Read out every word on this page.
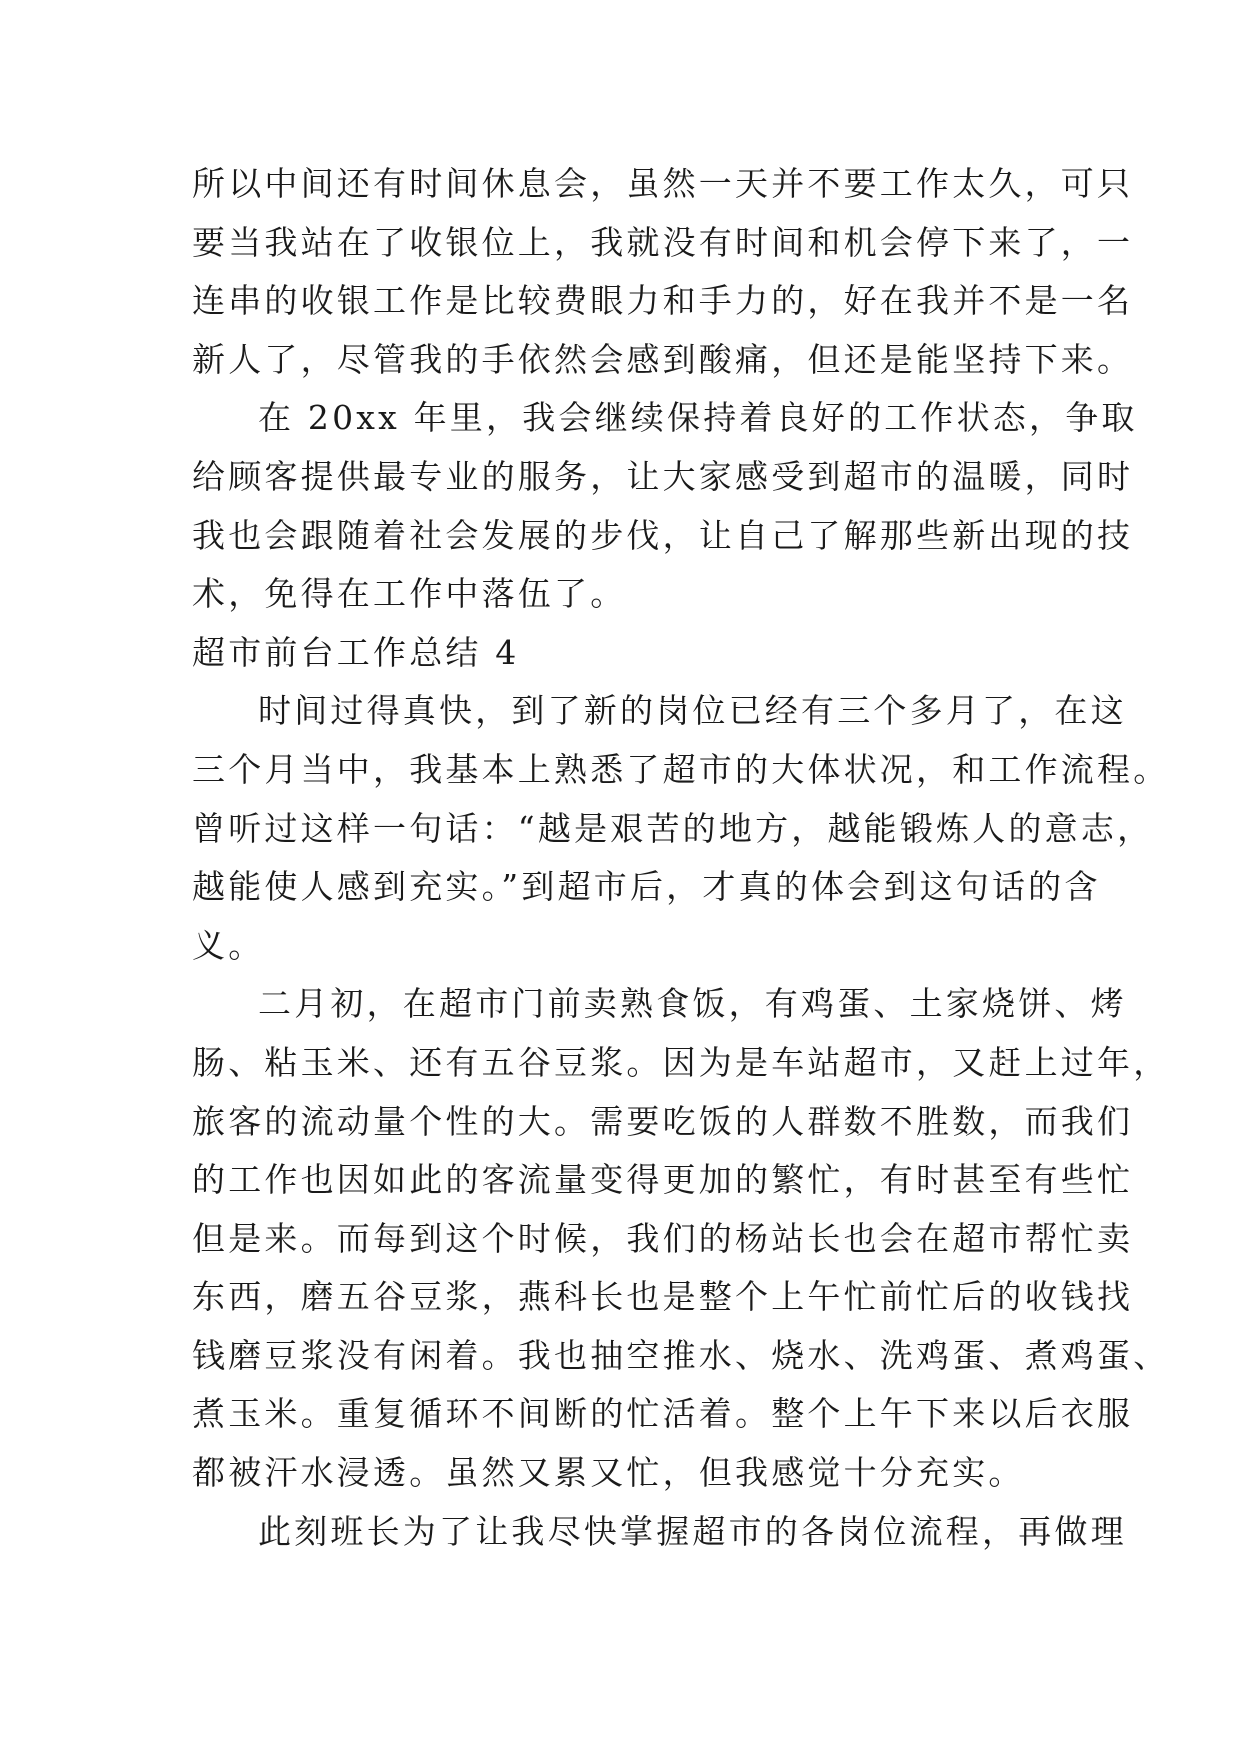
所以中间还有时间休息会，虽然一天并不要工作太久，可只
要当我站在了收银位上，我就没有时间和机会停下来了，一
连串的收银工作是比较费眼力和手力的，好在我并不是一名
新人了，尽管我的手依然会感到酸痛，但还是能坚持下来。
在 20xx 年里，我会继续保持着良好的工作状态，争取
给顾客提供最专业的服务，让大家感受到超市的温暖，同时
我也会跟随着社会发展的步伐，让自己了解那些新出现的技
术，免得在工作中落伍了。
超市前台工作总结 4
时间过得真快，到了新的岗位已经有三个多月了，在这
三个月当中，我基本上熟悉了超市的大体状况，和工作流程。
曾听过这样一句话：“越是艰苦的地方，越能锻炼人的意志，
越能使人感到充实。”到超市后，才真的体会到这句话的含
义。
二月初，在超市门前卖熟食饭，有鸡蛋、土家烧饼、烤
肠、粘玉米、还有五谷豆浆。因为是车站超市，又赶上过年，
旅客的流动量个性的大。需要吃饭的人群数不胜数，而我们
的工作也因如此的客流量变得更加的繁忙，有时甚至有些忙
但是来。而每到这个时候，我们的杨站长也会在超市帮忙卖
东西，磨五谷豆浆，燕科长也是整个上午忙前忙后的收钱找
钱磨豆浆没有闲着。我也抽空推水、烧水、洗鸡蛋、煮鸡蛋、
煮玉米。重复循环不间断的忙活着。整个上午下来以后衣服
都被汗水浸透。虽然又累又忙，但我感觉十分充实。
此刻班长为了让我尽快掌握超市的各岗位流程，再做理
